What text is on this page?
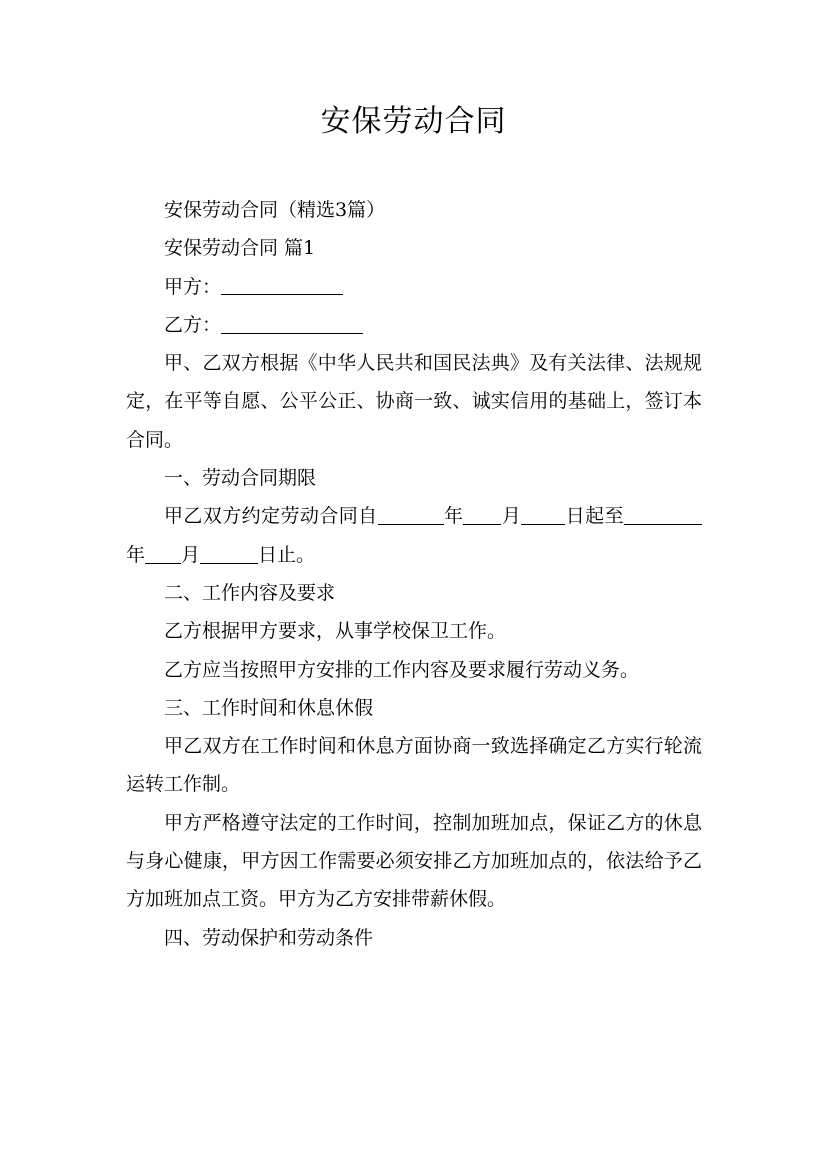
安保劳动合同

安保劳动合同（精选3篇）

安保劳动合同 篇1

甲方：

乙方：

甲、乙双方根据《中华人民共和国民法典》及有关法律、法规规定，在平等自愿、公平公正、协商一致、诚实信用的基础上，签订本合同。

一、劳动合同期限

甲乙双方约定劳动合同自	年 月 日起至年 月	日止。

二、工作内容及要求

乙方根据甲方要求，从事学校保卫工作。

乙方应当按照甲方安排的工作内容及要求履行劳动义务。

三、工作时间和休息休假

甲乙双方在工作时间和休息方面协商一致选择确定乙方实行轮流运转工作制。

甲方严格遵守法定的工作时间，控制加班加点，保证乙方的休息与身心健康，甲方因工作需要必须安排乙方加班加点的，依法给予乙方加班加点工资。甲方为乙方安排带薪休假。

四、劳动保护和劳动条件
